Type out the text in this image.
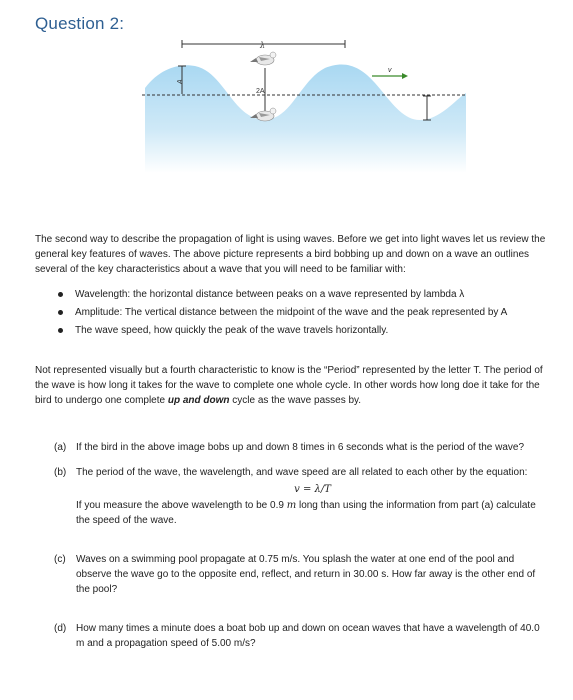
Question 2:
λ
A
2A
v
The second way to describe the propagation of light is using waves. Before we get into light waves let us review the general key features of waves. The above picture represents a bird bobbing up and down on a wave an outlines several of the key characteristics about a wave that you will need to be familiar with:
Wavelength: the horizontal distance between peaks on a wave represented by lambda λ
Amplitude: The vertical distance between the midpoint of the wave and the peak represented by A
The wave speed, how quickly the peak of the wave travels horizontally.
Not represented visually but a fourth characteristic to know is the “Period” represented by the letter T. The period of the wave is how long it takes for the wave to complete one whole cycle. In other words how long doe it take for the bird to undergo one complete up and down cycle as the wave passes by.
(a) If the bird in the above image bobs up and down 8 times in 6 seconds what is the period of the wave?
(b) The period of the wave, the wavelength, and wave speed are all related to each other by the equation:
v = λ/T
If you measure the above wavelength to be 0.9 m long than using the information from part (a) calculate the speed of the wave.
(c) Waves on a swimming pool propagate at 0.75 m/s. You splash the water at one end of the pool and observe the wave go to the opposite end, reflect, and return in 30.00 s. How far away is the other end of the pool?
(d) How many times a minute does a boat bob up and down on ocean waves that have a wavelength of 40.0 m and a propagation speed of 5.00 m/s?
